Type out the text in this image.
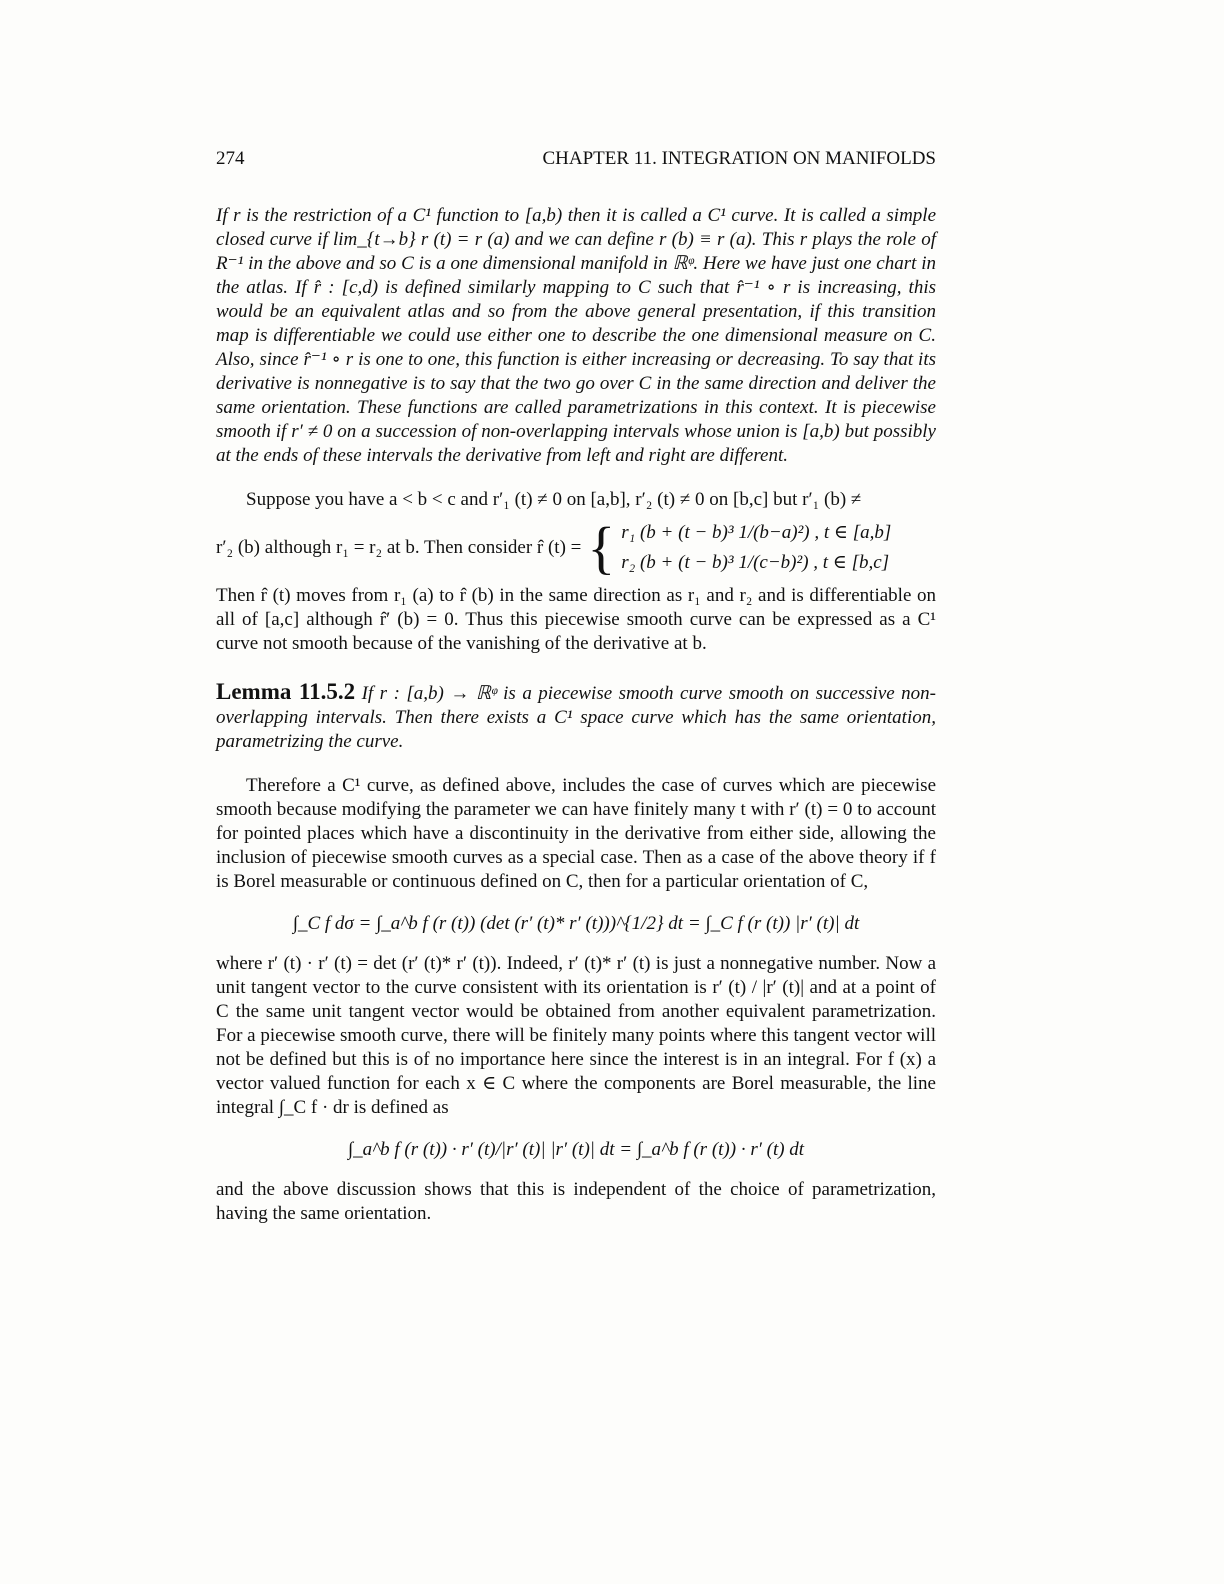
274	CHAPTER 11. INTEGRATION ON MANIFOLDS

If r is the restriction of a C¹ function to [a,b) then it is called a C¹ curve. It is called a simple closed curve if lim_{t→b} r (t) = r (a) and we can define r (b) ≡ r (a). This r plays the role of R⁻¹ in the above and so C is a one dimensional manifold in ℝᵠ. Here we have just one chart in the atlas. If r̂ : [c,d) is defined similarly mapping to C such that r̂⁻¹ ∘ r is increasing, this would be an equivalent atlas and so from the above general presentation, if this transition map is differentiable we could use either one to describe the one dimensional measure on C. Also, since r̂⁻¹ ∘ r is one to one, this function is either increasing or decreasing. To say that its derivative is nonnegative is to say that the two go over C in the same direction and deliver the same orientation. These functions are called parametrizations in this context. It is piecewise smooth if r′ ≠ 0 on a succession of non-overlapping intervals whose union is [a,b) but possibly at the ends of these intervals the derivative from left and right are different.

Suppose you have a < b < c and r′₁ (t) ≠ 0 on [a,b], r′₂ (t) ≠ 0 on [b,c] but r′₁ (b) ≠

r′₂ (b) although r₁ = r₂ at b. Then consider r̂ (t) = { r₁ (b + (t − b)³ 1/(b−a)²) , t ∈ [a,b]
r₂ (b + (t − b)³ 1/(c−b)²) , t ∈ [b,c]

Then r̂ (t) moves from r₁ (a) to r̂ (b) in the same direction as r₁ and r₂ and is differentiable on all of [a,c] although r̂′ (b) = 0. Thus this piecewise smooth curve can be expressed as a C¹ curve not smooth because of the vanishing of the derivative at b.

Lemma 11.5.2 If r : [a,b) → ℝᵠ is a piecewise smooth curve smooth on successive non-overlapping intervals. Then there exists a C¹ space curve which has the same orientation, parametrizing the curve.

Therefore a C¹ curve, as defined above, includes the case of curves which are piecewise smooth because modifying the parameter we can have finitely many t with r′ (t) = 0 to account for pointed places which have a discontinuity in the derivative from either side, allowing the inclusion of piecewise smooth curves as a special case. Then as a case of the above theory if f is Borel measurable or continuous defined on C, then for a particular orientation of C,

∫_C f dσ = ∫_a^b f (r (t)) (det (r′ (t)* r′ (t)))^{1/2} dt = ∫_C f (r (t)) |r′ (t)| dt

where r′ (t) · r′ (t) = det (r′ (t)* r′ (t)). Indeed, r′ (t)* r′ (t) is just a nonnegative number. Now a unit tangent vector to the curve consistent with its orientation is r′ (t) / |r′ (t)| and at a point of C the same unit tangent vector would be obtained from another equivalent parametrization. For a piecewise smooth curve, there will be finitely many points where this tangent vector will not be defined but this is of no importance here since the interest is in an integral. For f (x) a vector valued function for each x ∈ C where the components are Borel measurable, the line integral ∫_C f · dr is defined as

∫_a^b f (r (t)) · r′ (t)/|r′ (t)| |r′ (t)| dt = ∫_a^b f (r (t)) · r′ (t) dt

and the above discussion shows that this is independent of the choice of parametrization, having the same orientation.
